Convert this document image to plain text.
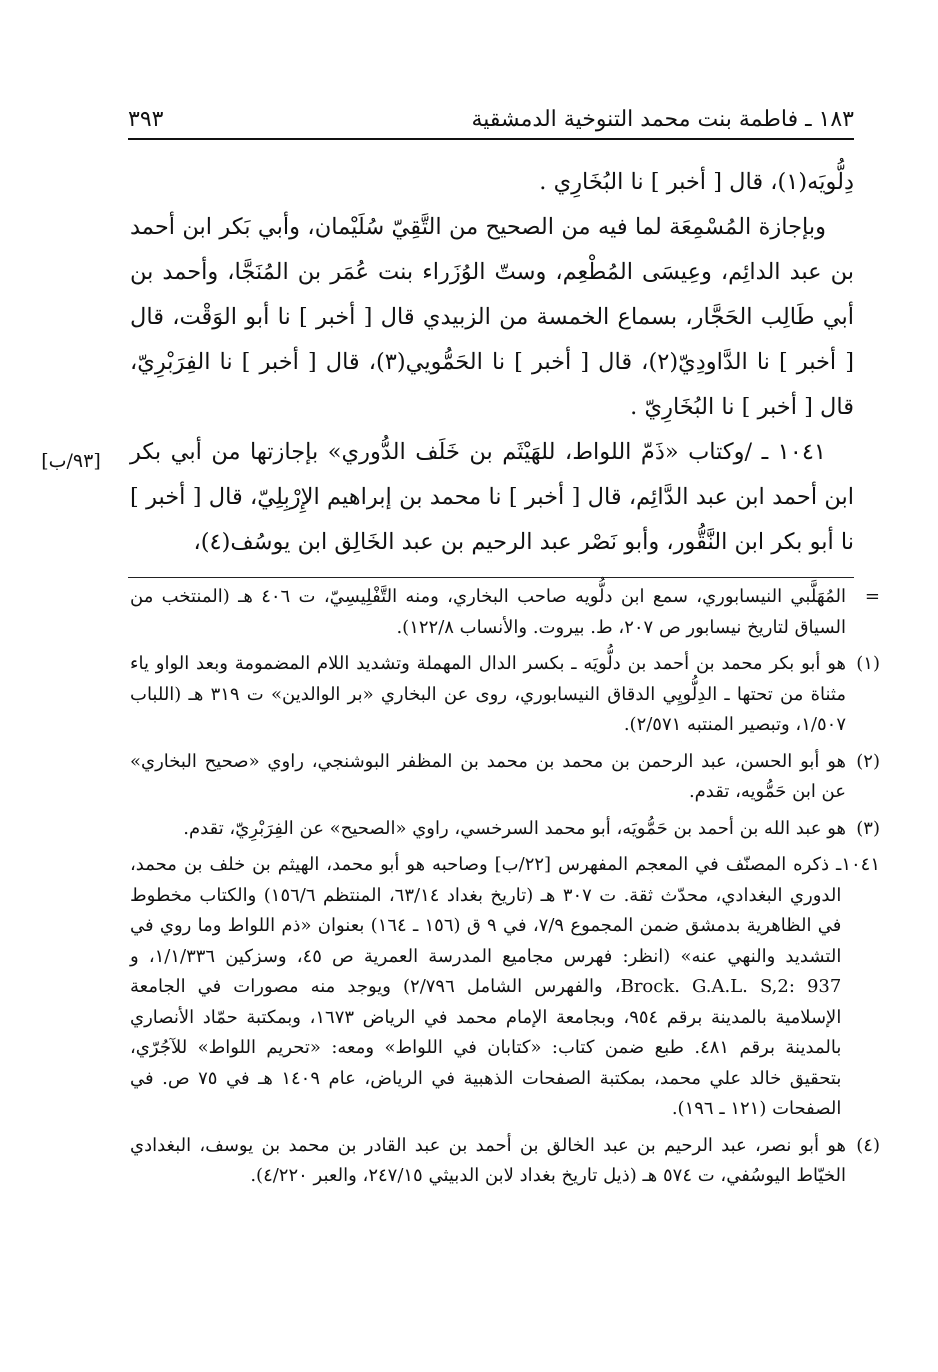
١٨٣ ـ فاطمة بنت محمد التنوخية الدمشقية
٣٩٣

دِلُّويَه(١)، قال [ أخبر ] نا البُخَارِي .

وبإجازة المُسْمِعَة لما فيه من الصحيح من التَّقِيّ سُلَيْمان، وأبي بَكر ابن أحمد بن عبد الدائِم، وعِيسَى المُطْعِم، وستّ الوُزَراء بنت عُمَر بن المُنَجَّا، وأحمد بن أبي طَالِب الحَجَّار، بسماع الخمسة من الزبيدي قال [ أخبر ] نا أبو الوَقْت، قال [ أخبر ] نا الدَّاودِيّ(٢)، قال [ أخبر ] نا الحَمُّويي(٣)، قال [ أخبر ] نا الفِرَبْرِيّ، قال [ أخبر ] نا البُخَارِيّ .

١٠٤١ ـ /وكتاب «ذَمّ اللواط، للهَيْثَم بن خَلَف الدُّوري» بإجازتها من أبي بكر ابن أحمد ابن عبد الدَّائِم، قال [ أخبر ] نا محمد بن إبراهيم الإِرْبِلِيّ، قال [ أخبر ] نا أبو بكر ابن النَّقُّور، وأبو نَصْر عبد الرحيم بن عبد الخَالِق ابن يوسُف(٤)،

[٩٣/ب]
=
المُهَلَّبي النيسابوري، سمع ابن دلُّويه صاحب البخاري، ومنه التَّفْلِيسِيّ، ت ٤٠٦ هـ (المنتخب من السياق لتاريخ نيسابور ص ٢٠٧، ط. بيروت. والأنساب ١٢٢/٨).
(١)
هو أبو بكر محمد بن أحمد بن دلُّويَه ـ بكسر الدال المهملة وتشديد اللام المضمومة وبعد الواو ياء مثناة من تحتها ـ الدِلُّويِي الدقاق النيسابوري، روى عن البخاري «بر الوالدين» ت ٣١٩ هـ (اللباب ١/٥٠٧، وتبصير المنتبه ٢/٥٧١).
(٢)
هو أبو الحسن، عبد الرحمن بن محمد بن محمد بن المظفر البوشنجي، راوي «صحيح البخاري» عن ابن حَمُّويه، تقدم.
(٣)
هو عبد الله بن أحمد بن حَمُّويَه، أبو محمد السرخسي، راوي «الصحيح» عن الفِرَبْرِيّ، تقدم.
١٠٤١
ـ ذكره المصنّف في المعجم المفهرس [٢٢/ب] وصاحبه هو أبو محمد، الهيثم بن خلف بن محمد، الدوري البغدادي، محدّث ثقة. ت ٣٠٧ هـ (تاريخ بغداد ٦٣/١٤، المنتظم ١٥٦/٦) والكتاب مخطوط في الظاهرية بدمشق ضمن المجموع ٧/٩، في ٩ ق (١٥٦ ـ ١٦٤) بعنوان «ذم اللواط وما روي في التشديد والنهي عنه» (انظر: فهرس مجاميع المدرسة العمرية ص ٤٥، وسزكين ١/١/٣٣٦، و Brock. G.A.L. S,2: 937، والفهرس الشامل ٢/٧٩٦) ويوجد منه مصورات في الجامعة الإسلامية بالمدينة برقم ٩٥٤، وبجامعة الإمام محمد في الرياض ١٦٧٣، وبمكتبة حمّاد الأنصاري بالمدينة برقم ٤٨١. طبع ضمن كتاب: «كتابان في اللواط» ومعه: «تحريم اللواط» للآجُرّي، بتحقيق خالد علي محمد، بمكتبة الصفحات الذهبية في الرياض، عام ١٤٠٩ هـ في ٧٥ ص. في الصفحات (١٢١ ـ ١٩٦).
(٤)
هو أبو نصر، عبد الرحيم بن عبد الخالق بن أحمد بن عبد القادر بن محمد بن يوسف، البغدادي الخيّاط اليوسُفي، ت ٥٧٤ هـ (ذيل تاريخ بغداد لابن الدبيثي ٢٤٧/١٥، والعبر ٤/٢٢٠).
